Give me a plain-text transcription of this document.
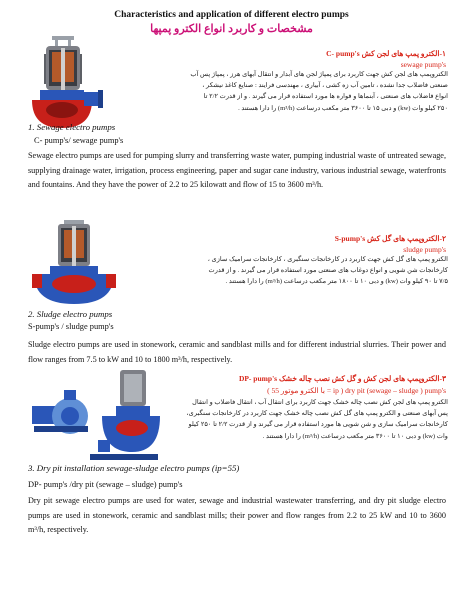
Characteristics and application of different electro pumps
مشخصات و کاربرد انواع الکترو پمپها
۱-الکترو پمپ های لجن کش C- pump's
sewage pump's
الکتروپمپ های لجن کش جهت کاربرد برای پمپاژ لجن های آبدار و انتقال آبهای هرز ، پمپاژ پس آب
صنعتی فاضلاب جدا نشده ، تامین آب زه کشی ، آبیاری ، مهندسی فرایند : صنایع کاغذ نیشکر ،
انواع فاضلاب های صنعتی ، آبنماها و فواره ها مورد استفاده قرار می گیرند . و از قدرت ۲/۲ تا
۲۵۰ کیلو وات (kw) و دبی ۱۵ تا ۳۶۰۰ متر مکعب درساعت (m³/h) را دارا هستند .
1. Sewage electro pumps
C- pump's/ sewage pump's
Sewage electro pumps are used for pumping slurry and transferring waste water, pumping industrial waste of untreated sewage, supplying drainage water, irrigation, process engineering, paper and sugar cane industry, various industrial sewage, waterfronts and fountains. And they have the power of 2.2 to 25 kilowatt and flow of 15 to 3600 m³/h.
۲-الکتروپمپ های گل کش S-pump's
sludge pump's
الکترو پمپ های گل کش جهت کاربرد در کارخانجات سنگبری ، کارخانجات سرامیک سازی ،
کارخانجات شن شویی و انواع دوغاب های صنعتی مورد استفاده قرار می گیرند . و از قدرت
۷/۵ تا ۹۰ کیلو وات (kw) و دبی ۱۰ تا ۱۸۰۰ متر مکعب درساعت (m³/h) را دارا هستند .
2. Sludge electro pumps
S-pump's / sludge pump's
Sludge electro pumps are used in stonework, ceramic and sandblast mills and for different industrial slurries. Their power and flow ranges from 7.5 to kW and 10 to 1800 m³/h, respectively.
۳-الکتروپمپ های لجن کش و گل کش نصب چاله خشک DP- pump's
( با الکترو موتور 55 = ip ) dry pit (sewage – sludge ) pump's
الکترو پمپ های لجن کش نصب چاله خشک جهت کاربرد برای انتقال آب ، انتقال فاضلاب و انتقال
پس آبهای صنعتی و الکترو پمپ های گل کش نصب چاله خشک جهت کاربرد در کارخانجات سنگبری،
کارخانجات سرامیک سازی و شن شویی ها مورد استفاده قرار می گیرند و از قدرت ۲/۲ تا ۲۵۰ کیلو
وات (kw) و دبی ۱۰ تا ۳۶۰۰ متر مکعب درساعت (m³/h) را دارا هستند .
3. Dry pit installation sewage-sludge electro pumps (ip=55)
DP- pump's /dry pit (sewage – sludge) pump's
Dry pit sewage electro pumps are used for water, sewage and industrial wastewater transferring, and dry pit sludge electro pumps are used in stonework, ceramic and sandblast mills; their power and flow ranges from 2.2 to 25 kW and 10 to 3600 m³/h, respectively.
